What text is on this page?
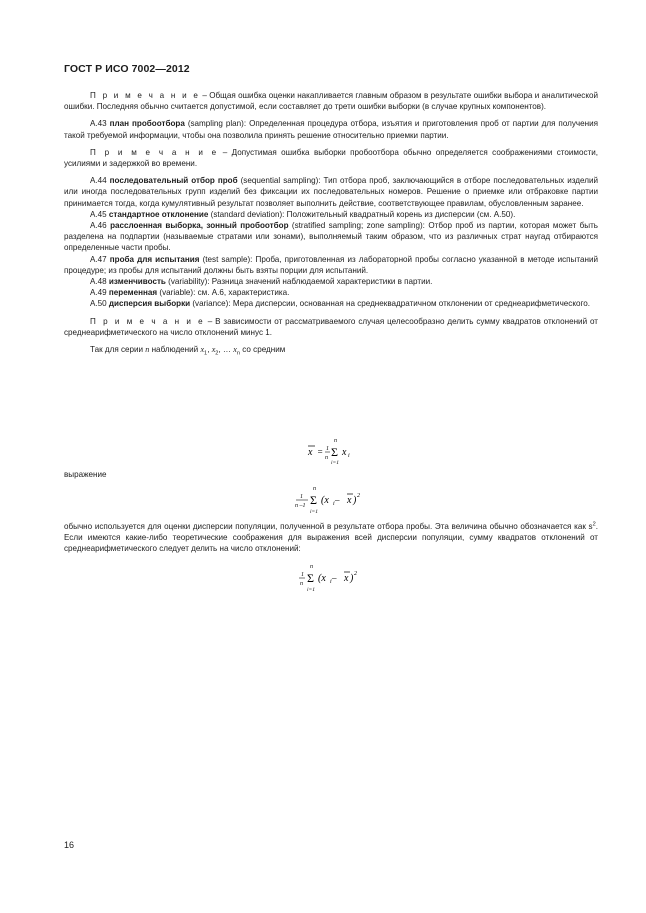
ГОСТ Р ИСО 7002—2012

П р и м е ч а н и е – Общая ошибка оценки накапливается главным образом в результате ошибки выбора и аналитической ошибки. Последняя обычно считается допустимой, если составляет до трети ошибки выборки (в случае крупных компонентов).

А.43 план пробоотбора (sampling plan): Определенная процедура отбора, изъятия и приготовления проб от партии для получения такой требуемой информации, чтобы она позволила принять решение относительно приемки партии.

П р и м е ч а н и е – Допустимая ошибка выборки пробоотбора обычно определяется соображениями стоимости, усилиями и задержкой во времени.

А.44 последовательный отбор проб (sequential sampling): Тип отбора проб, заключающийся в отборе последовательных изделий или иногда последовательных групп изделий без фиксации их последовательных номеров. Решение о приемке или отбраковке партии принимается тогда, когда кумулятивный результат позволяет выполнить действие, соответствующее правилам, обусловленным заранее.

А.45 стандартное отклонение (standard deviation): Положительный квадратный корень из дисперсии (см. А.50).

А.46 расслоенная выборка, зонный пробоотбор (stratified sampling; zone sampling): Отбор проб из партии, которая может быть разделена на подпартии (называемые стратами или зонами), выполняемый таким образом, что из различных страт наугад отбираются определенные части пробы.

А.47 проба для испытания (test sample): Проба, приготовленная из лабораторной пробы согласно указанной в методе испытаний процедуре; из пробы для испытаний должны быть взяты порции для испытаний.

А.48 изменчивость (variability): Разница значений наблюдаемой характеристики в партии.

А.49 переменная (variable): см. А.6, характеристика.

А.50 дисперсия выборки (variance): Мера дисперсии, основанная на среднеквадратичном отклонении от среднеарифметического.

П р и м е ч а н и е – В зависимости от рассматриваемого случая целесообразно делить сумму квадратов отклонений от среднеарифметического на число отклонений минус 1.

Так для серии n наблюдений $x_1$, $x_2$, … $x_n$ со средним

x = 1
n
n
Σ
i=1
x i
выражение
1
n –1
n
Σ
i=1
(x i – x ) 2

обычно используется для оценки дисперсии популяции, полученной в результате отбора пробы. Эта величина обычно обозначается как $s^2$. Если имеются какие-либо теоретические соображения для выражения всей дисперсии популяции, сумму квадратов отклонений от среднеарифметического следует делить на число отклонений:

1
n
n
Σ
i=1
(x i – x ) 2
16
